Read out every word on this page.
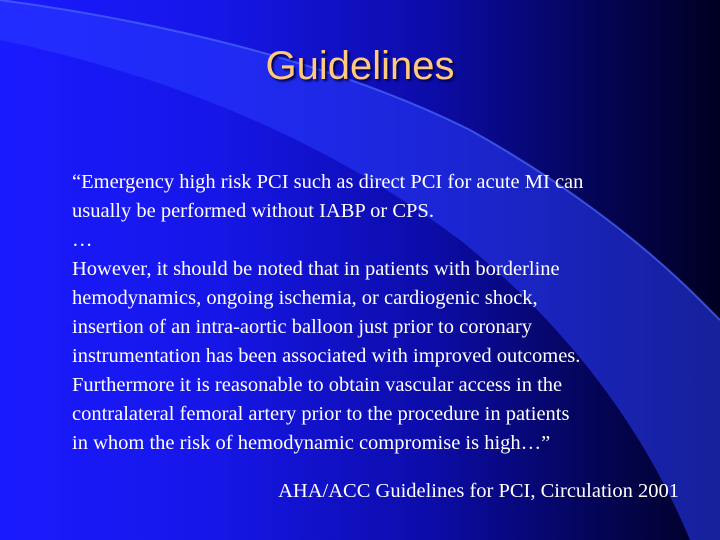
Guidelines
“Emergency high risk PCI such as direct PCI for acute MI can
usually be performed without IABP or CPS.
…
However, it should be noted that in patients with borderline
hemodynamics, ongoing ischemia, or cardiogenic shock,
insertion of an intra-aortic balloon just prior to coronary
instrumentation has been associated with improved outcomes.
Furthermore it is reasonable to obtain vascular access in the
contralateral femoral artery prior to the procedure in patients
in whom the risk of hemodynamic compromise is high…”
AHA/ACC Guidelines for PCI, Circulation 2001
